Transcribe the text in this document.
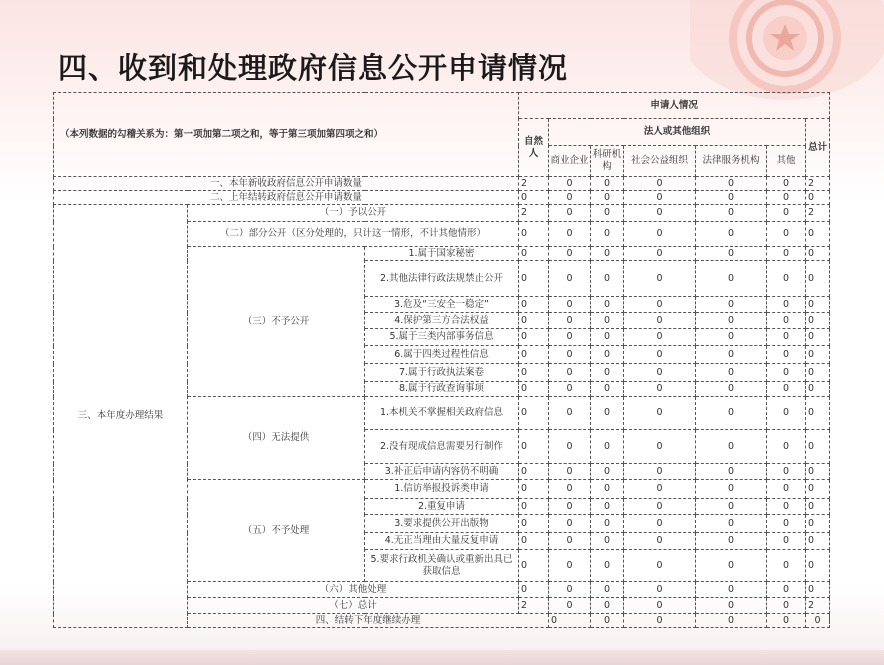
四、收到和处理政府信息公开申请情况
（本列数据的勾稽关系为：第一项加第二项之和，等于第三项加第四项之和）			申请人情况							
			自然人	法人或其他组织					总计	
				商业企业	科研机构	社会公益组织	法律服务机构	其他		
一、本年新收政府信息公开申请数量			2	0	0	0	0	0	2	
二、上年结转政府信息公开申请数量			0	0	0	0	0	0	0	
三、本年度办理结果	（一）予以公开		2	0	0	0	0	0	2	
	（二）部分公开（区分处理的，只计这一情形，不计其他情形）		0	0	0	0	0	0	0	
	（三）不予公开	1.属于国家秘密	0	0	0	0	0	0	0	
		2.其他法律行政法规禁止公开	0	0	0	0	0	0	0	
		3.危及“三安全一稳定”	0	0	0	0	0	0	0	
		4.保护第三方合法权益	0	0	0	0	0	0	0	
		5.属于三类内部事务信息	0	0	0	0	0	0	0	
		6.属于四类过程性信息	0	0	0	0	0	0	0	
		7.属于行政执法案卷	0	0	0	0	0	0	0	
		8.属于行政查询事项	0	0	0	0	0	0	0	
	（四）无法提供	1.本机关不掌握相关政府信息	0	0	0	0	0	0	0	
		2.没有现成信息需要另行制作	0	0	0	0	0	0	0	
		3.补正后申请内容仍不明确	0	0	0	0	0	0	0	
	（五）不予处理	1.信访举报投诉类申请	0	0	0	0	0	0	0	
		2.重复申请	0	0	0	0	0	0	0	
		3.要求提供公开出版物	0	0	0	0	0	0	0	
		4.无正当理由大量反复申请	0	0	0	0	0	0	0	
		5.要求行政机关确认或重新出具已获取信息	0	0	0	0	0	0	0	
	（六）其他处理		0	0	0	0	0	0	0	
	（七）总计		2	0	0	0	0	0	2	
	四、结转下年度继续办理			0	0	0	0	0	0	
